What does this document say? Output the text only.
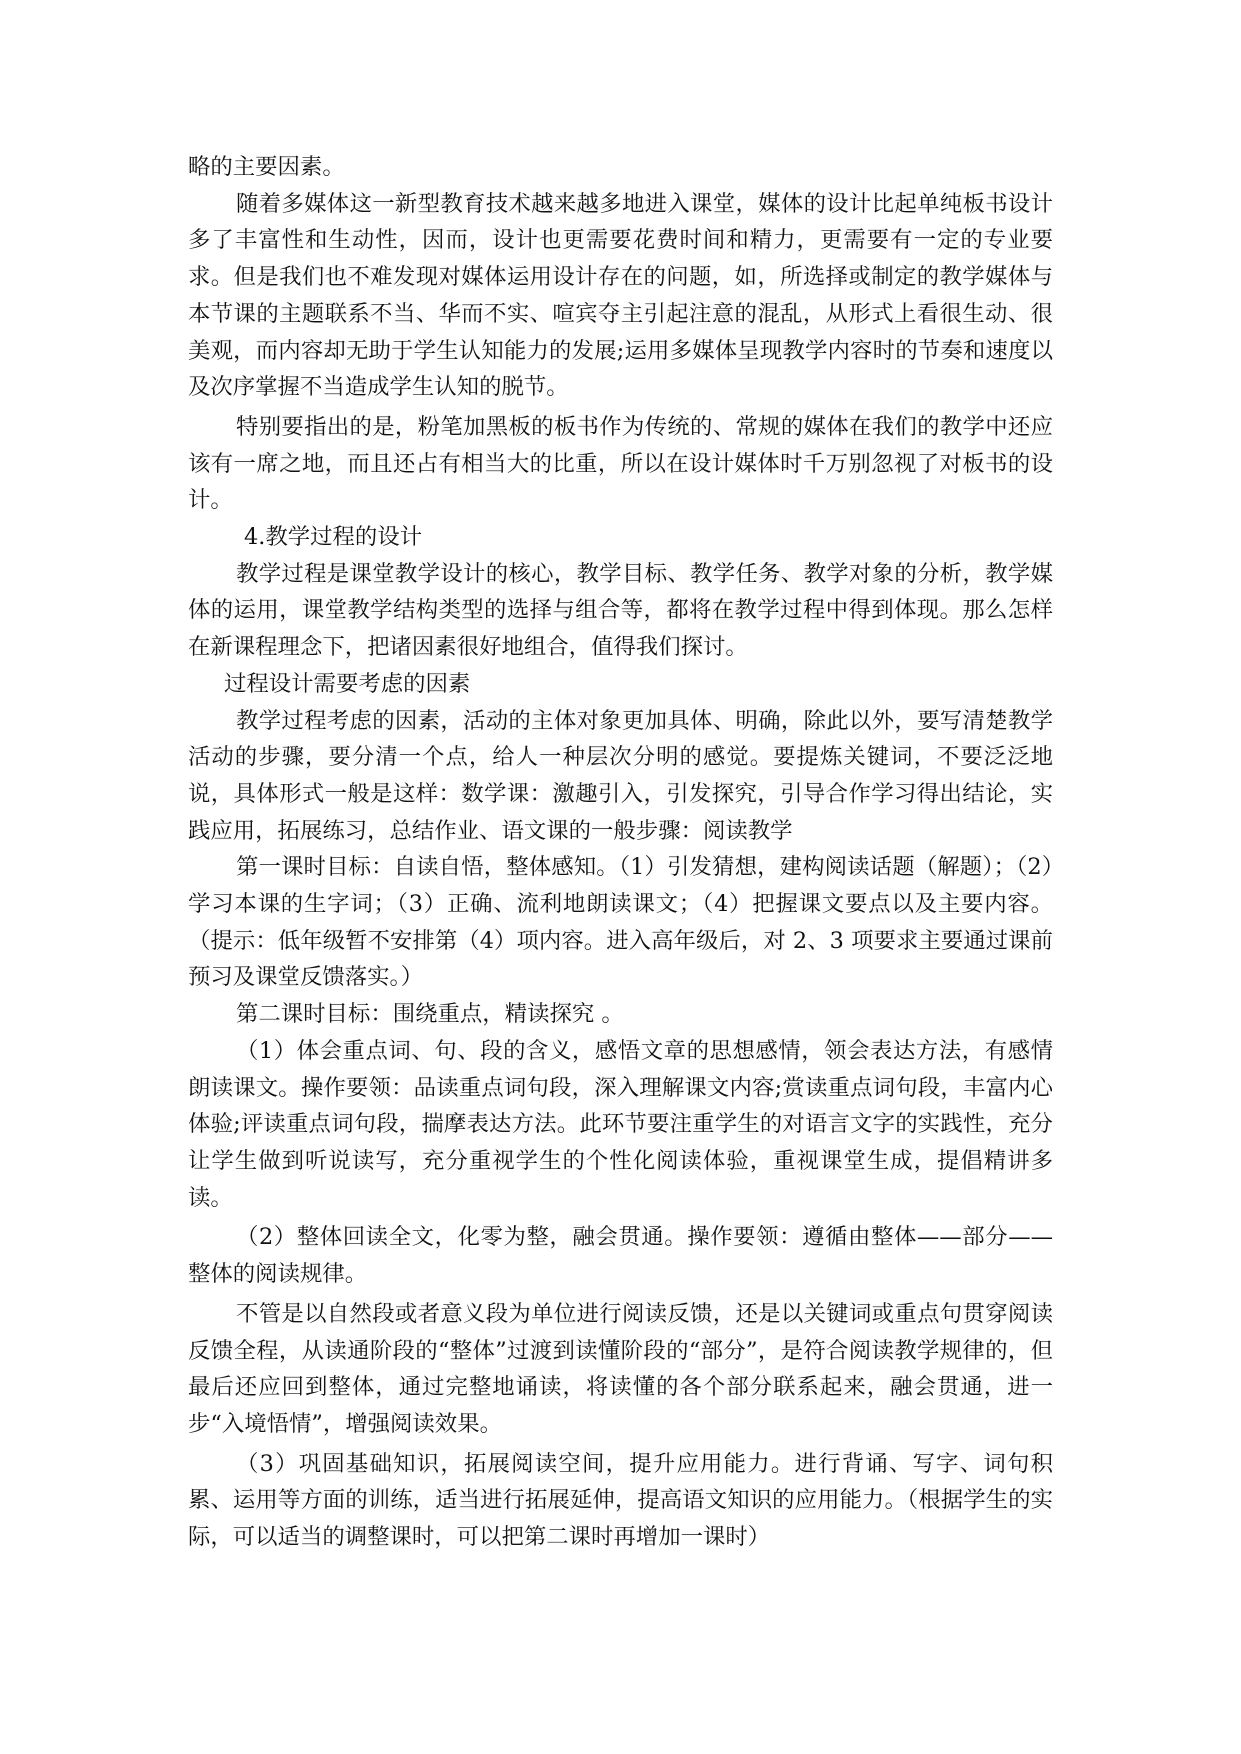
略的主要因素。

随着多媒体这一新型教育技术越来越多地进入课堂，媒体的设计比起单纯板书设计多了丰富性和生动性，因而，设计也更需要花费时间和精力，更需要有一定的专业要求。但是我们也不难发现对媒体运用设计存在的问题，如，所选择或制定的教学媒体与本节课的主题联系不当、华而不实、喧宾夺主引起注意的混乱，从形式上看很生动、很美观，而内容却无助于学生认知能力的发展;运用多媒体呈现教学内容时的节奏和速度以及次序掌握不当造成学生认知的脱节。

特别要指出的是，粉笔加黑板的板书作为传统的、常规的媒体在我们的教学中还应该有一席之地，而且还占有相当大的比重，所以在设计媒体时千万别忽视了对板书的设计。

4.教学过程的设计

教学过程是课堂教学设计的核心，教学目标、教学任务、教学对象的分析，教学媒体的运用，课堂教学结构类型的选择与组合等，都将在教学过程中得到体现。那么怎样在新课程理念下，把诸因素很好地组合，值得我们探讨。

过程设计需要考虑的因素

教学过程考虑的因素，活动的主体对象更加具体、明确，除此以外，要写清楚教学活动的步骤，要分清一个点，给人一种层次分明的感觉。要提炼关键词，不要泛泛地说，具体形式一般是这样：数学课：激趣引入，引发探究，引导合作学习得出结论，实践应用，拓展练习，总结作业、语文课的一般步骤：阅读教学

第一课时目标：自读自悟，整体感知。（1）引发猜想，建构阅读话题（解题）；（2）学习本课的生字词；（3）正确、流利地朗读课文；（4）把握课文要点以及主要内容。（提示：低年级暂不安排第（4）项内容。进入高年级后，对 2、3 项要求主要通过课前预习及课堂反馈落实。）

第二课时目标：围绕重点，精读探究 。

（1）体会重点词、句、段的含义，感悟文章的思想感情，领会表达方法，有感情朗读课文。操作要领：品读重点词句段，深入理解课文内容;赏读重点词句段，丰富内心体验;评读重点词句段，揣摩表达方法。此环节要注重学生的对语言文字的实践性，充分让学生做到听说读写，充分重视学生的个性化阅读体验，重视课堂生成，提倡精讲多读。

（2）整体回读全文，化零为整，融会贯通。操作要领：遵循由整体——部分——整体的阅读规律。

不管是以自然段或者意义段为单位进行阅读反馈，还是以关键词或重点句贯穿阅读反馈全程，从读通阶段的“整体”过渡到读懂阶段的“部分”，是符合阅读教学规律的，但最后还应回到整体，通过完整地诵读，将读懂的各个部分联系起来，融会贯通，进一步“入境悟情”，增强阅读效果。

（3）巩固基础知识，拓展阅读空间，提升应用能力。进行背诵、写字、词句积累、运用等方面的训练，适当进行拓展延伸，提高语文知识的应用能力。（根据学生的实际，可以适当的调整课时，可以把第二课时再增加一课时）
